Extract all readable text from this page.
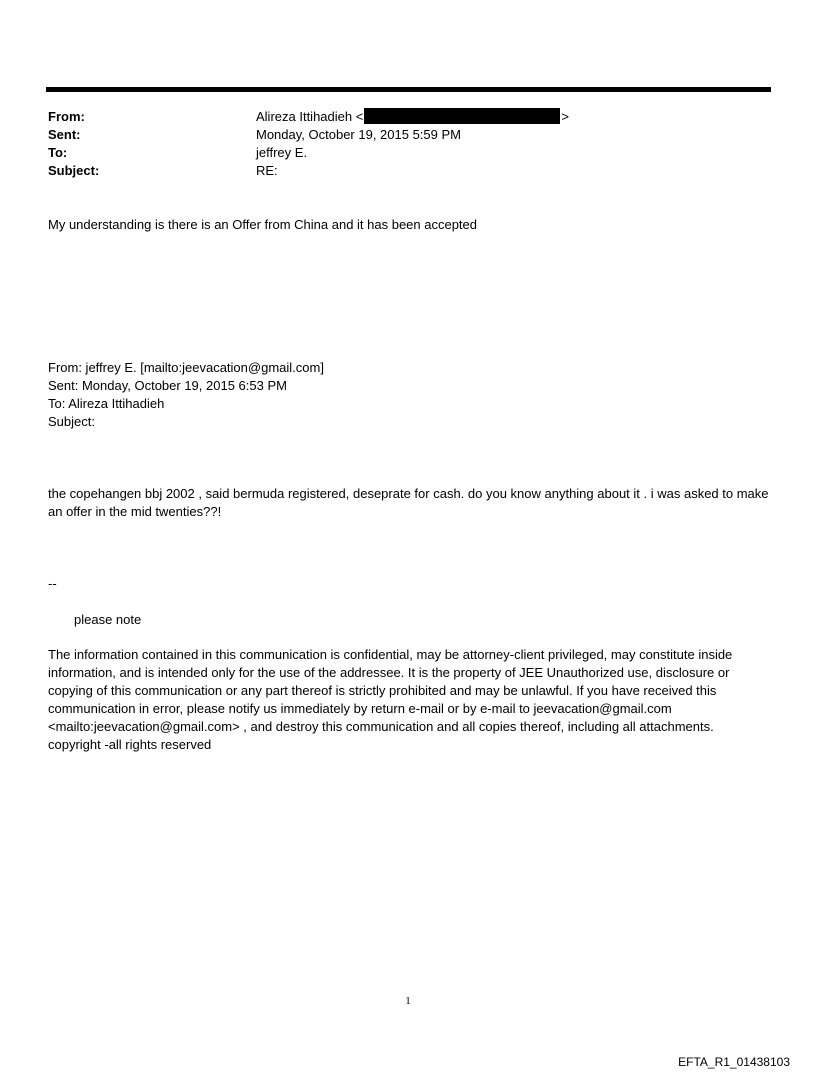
From:	Alireza Ittihadieh <	>
Sent:	Monday, October 19, 2015 5:59 PM
To:	jeffrey E.
Subject:	RE:
My understanding is there is an Offer from China and it has been accepted
From: jeffrey E. [mailto:jeevacation@gmail.com]
Sent: Monday, October 19, 2015 6:53 PM
To: Alireza Ittihadieh
Subject:
the copehangen bbj 2002 , said bermuda registered, deseprate for cash. do you know anything about it . i was asked to make an offer in the mid twenties??!
--
please note
The information contained in this communication is confidential, may be attorney-client privileged, may constitute inside information, and is intended only for the use of the addressee. It is the property of JEE Unauthorized use, disclosure or copying of this communication or any part thereof is strictly prohibited and may be unlawful. If you have received this communication in error, please notify us immediately by return e-mail or by e-mail to jeevacation@gmail.com <mailto:jeevacation@gmail.com> , and destroy this communication and all copies thereof, including all attachments. copyright -all rights reserved
1
EFTA_R1_01438103
